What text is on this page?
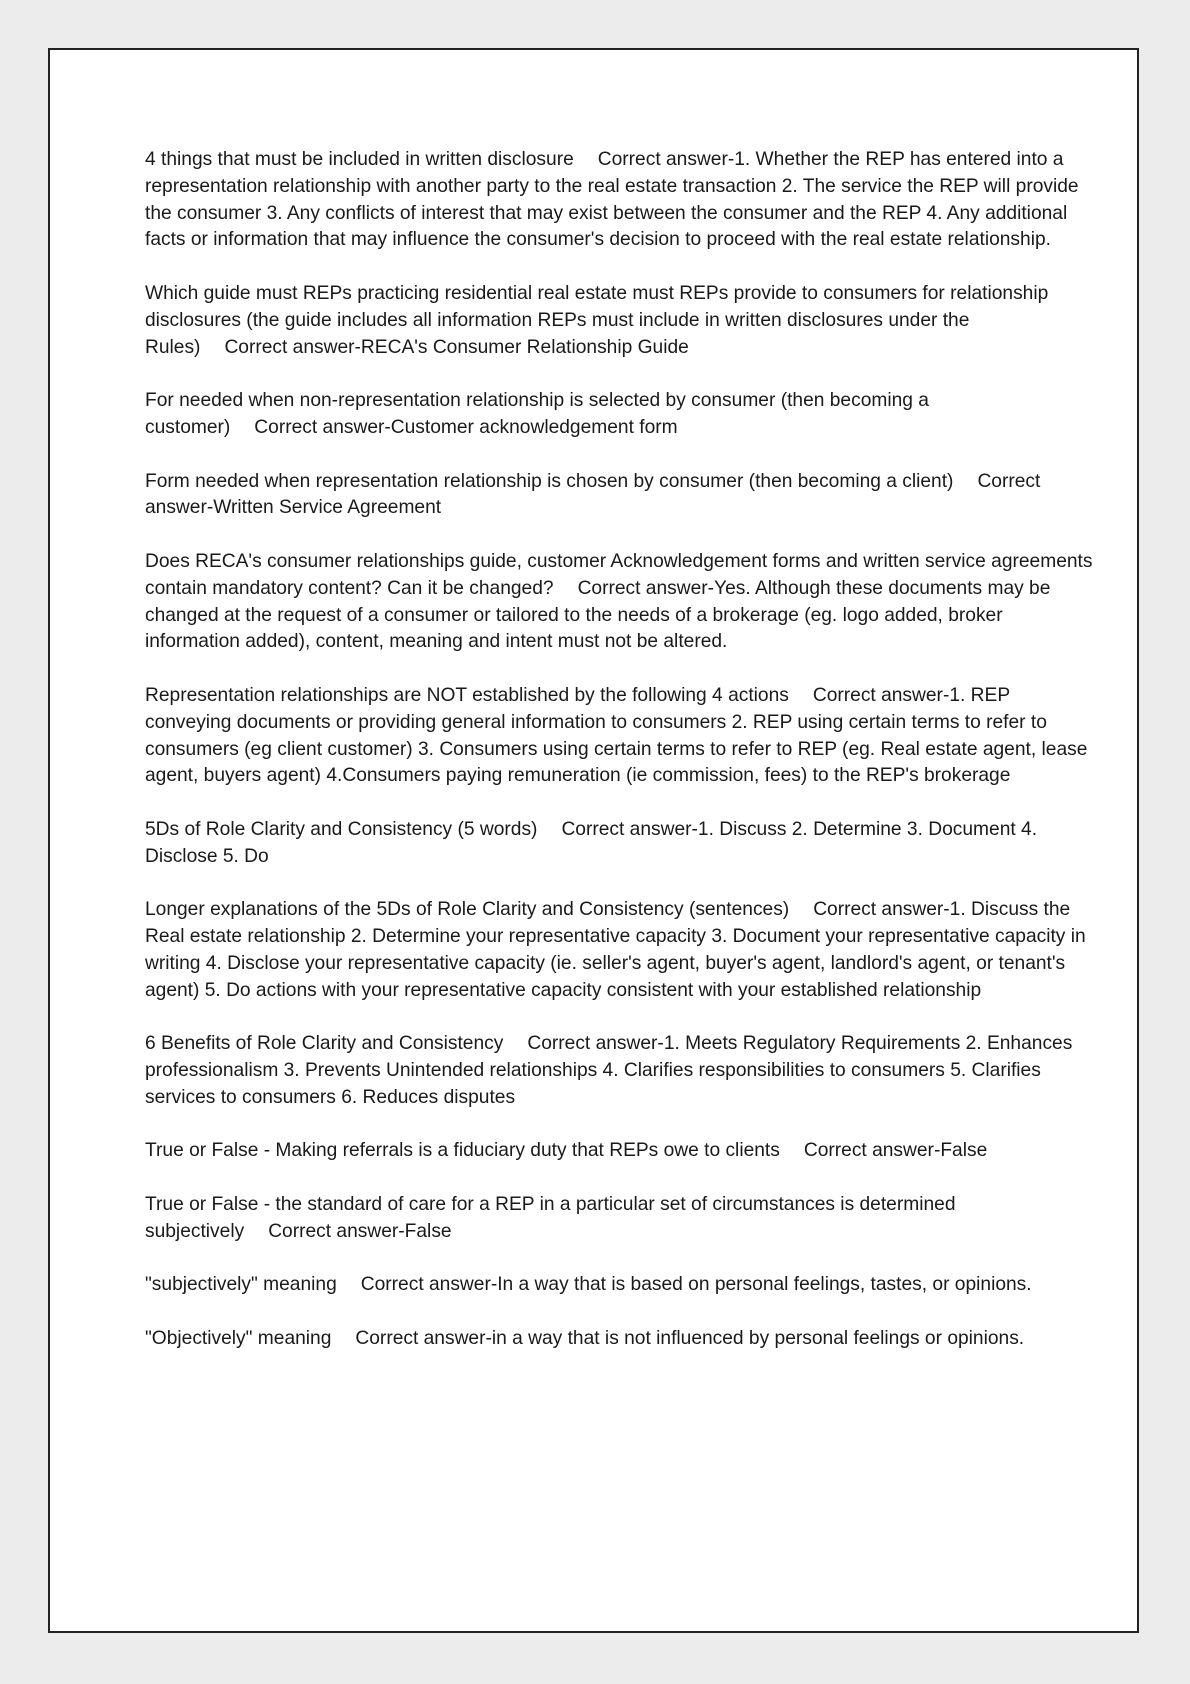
4 things that must be included in written disclosure Correct answer-1. Whether the REP has entered into a representation relationship with another party to the real estate transaction 2. The service the REP will provide the consumer 3. Any conflicts of interest that may exist between the consumer and the REP 4. Any additional facts or information that may influence the consumer's decision to proceed with the real estate relationship.

Which guide must REPs practicing residential real estate must REPs provide to consumers for relationship disclosures (the guide includes all information REPs must include in written disclosures under the Rules) Correct answer-RECA's Consumer Relationship Guide

For needed when non-representation relationship is selected by consumer (then becoming a customer) Correct answer-Customer acknowledgement form

Form needed when representation relationship is chosen by consumer (then becoming a client) Correct answer-Written Service Agreement

Does RECA's consumer relationships guide, customer Acknowledgement forms and written service agreements contain mandatory content? Can it be changed? Correct answer-Yes. Although these documents may be changed at the request of a consumer or tailored to the needs of a brokerage (eg. logo added, broker information added), content, meaning and intent must not be altered.

Representation relationships are NOT established by the following 4 actions Correct answer-1. REP conveying documents or providing general information to consumers 2. REP using certain terms to refer to consumers (eg client customer) 3. Consumers using certain terms to refer to REP (eg. Real estate agent, lease agent, buyers agent) 4.Consumers paying remuneration (ie commission, fees) to the REP's brokerage

5Ds of Role Clarity and Consistency (5 words) Correct answer-1. Discuss 2. Determine 3. Document 4. Disclose 5. Do

Longer explanations of the 5Ds of Role Clarity and Consistency (sentences) Correct answer-1. Discuss the Real estate relationship 2. Determine your representative capacity 3. Document your representative capacity in writing 4. Disclose your representative capacity (ie. seller's agent, buyer's agent, landlord's agent, or tenant's agent) 5. Do actions with your representative capacity consistent with your established relationship

6 Benefits of Role Clarity and Consistency Correct answer-1. Meets Regulatory Requirements 2. Enhances professionalism 3. Prevents Unintended relationships 4. Clarifies responsibilities to consumers 5. Clarifies services to consumers 6. Reduces disputes

True or False - Making referrals is a fiduciary duty that REPs owe to clients Correct answer-False

True or False - the standard of care for a REP in a particular set of circumstances is determined subjectively Correct answer-False

"subjectively" meaning Correct answer-In a way that is based on personal feelings, tastes, or opinions.

"Objectively" meaning Correct answer-in a way that is not influenced by personal feelings or opinions.
